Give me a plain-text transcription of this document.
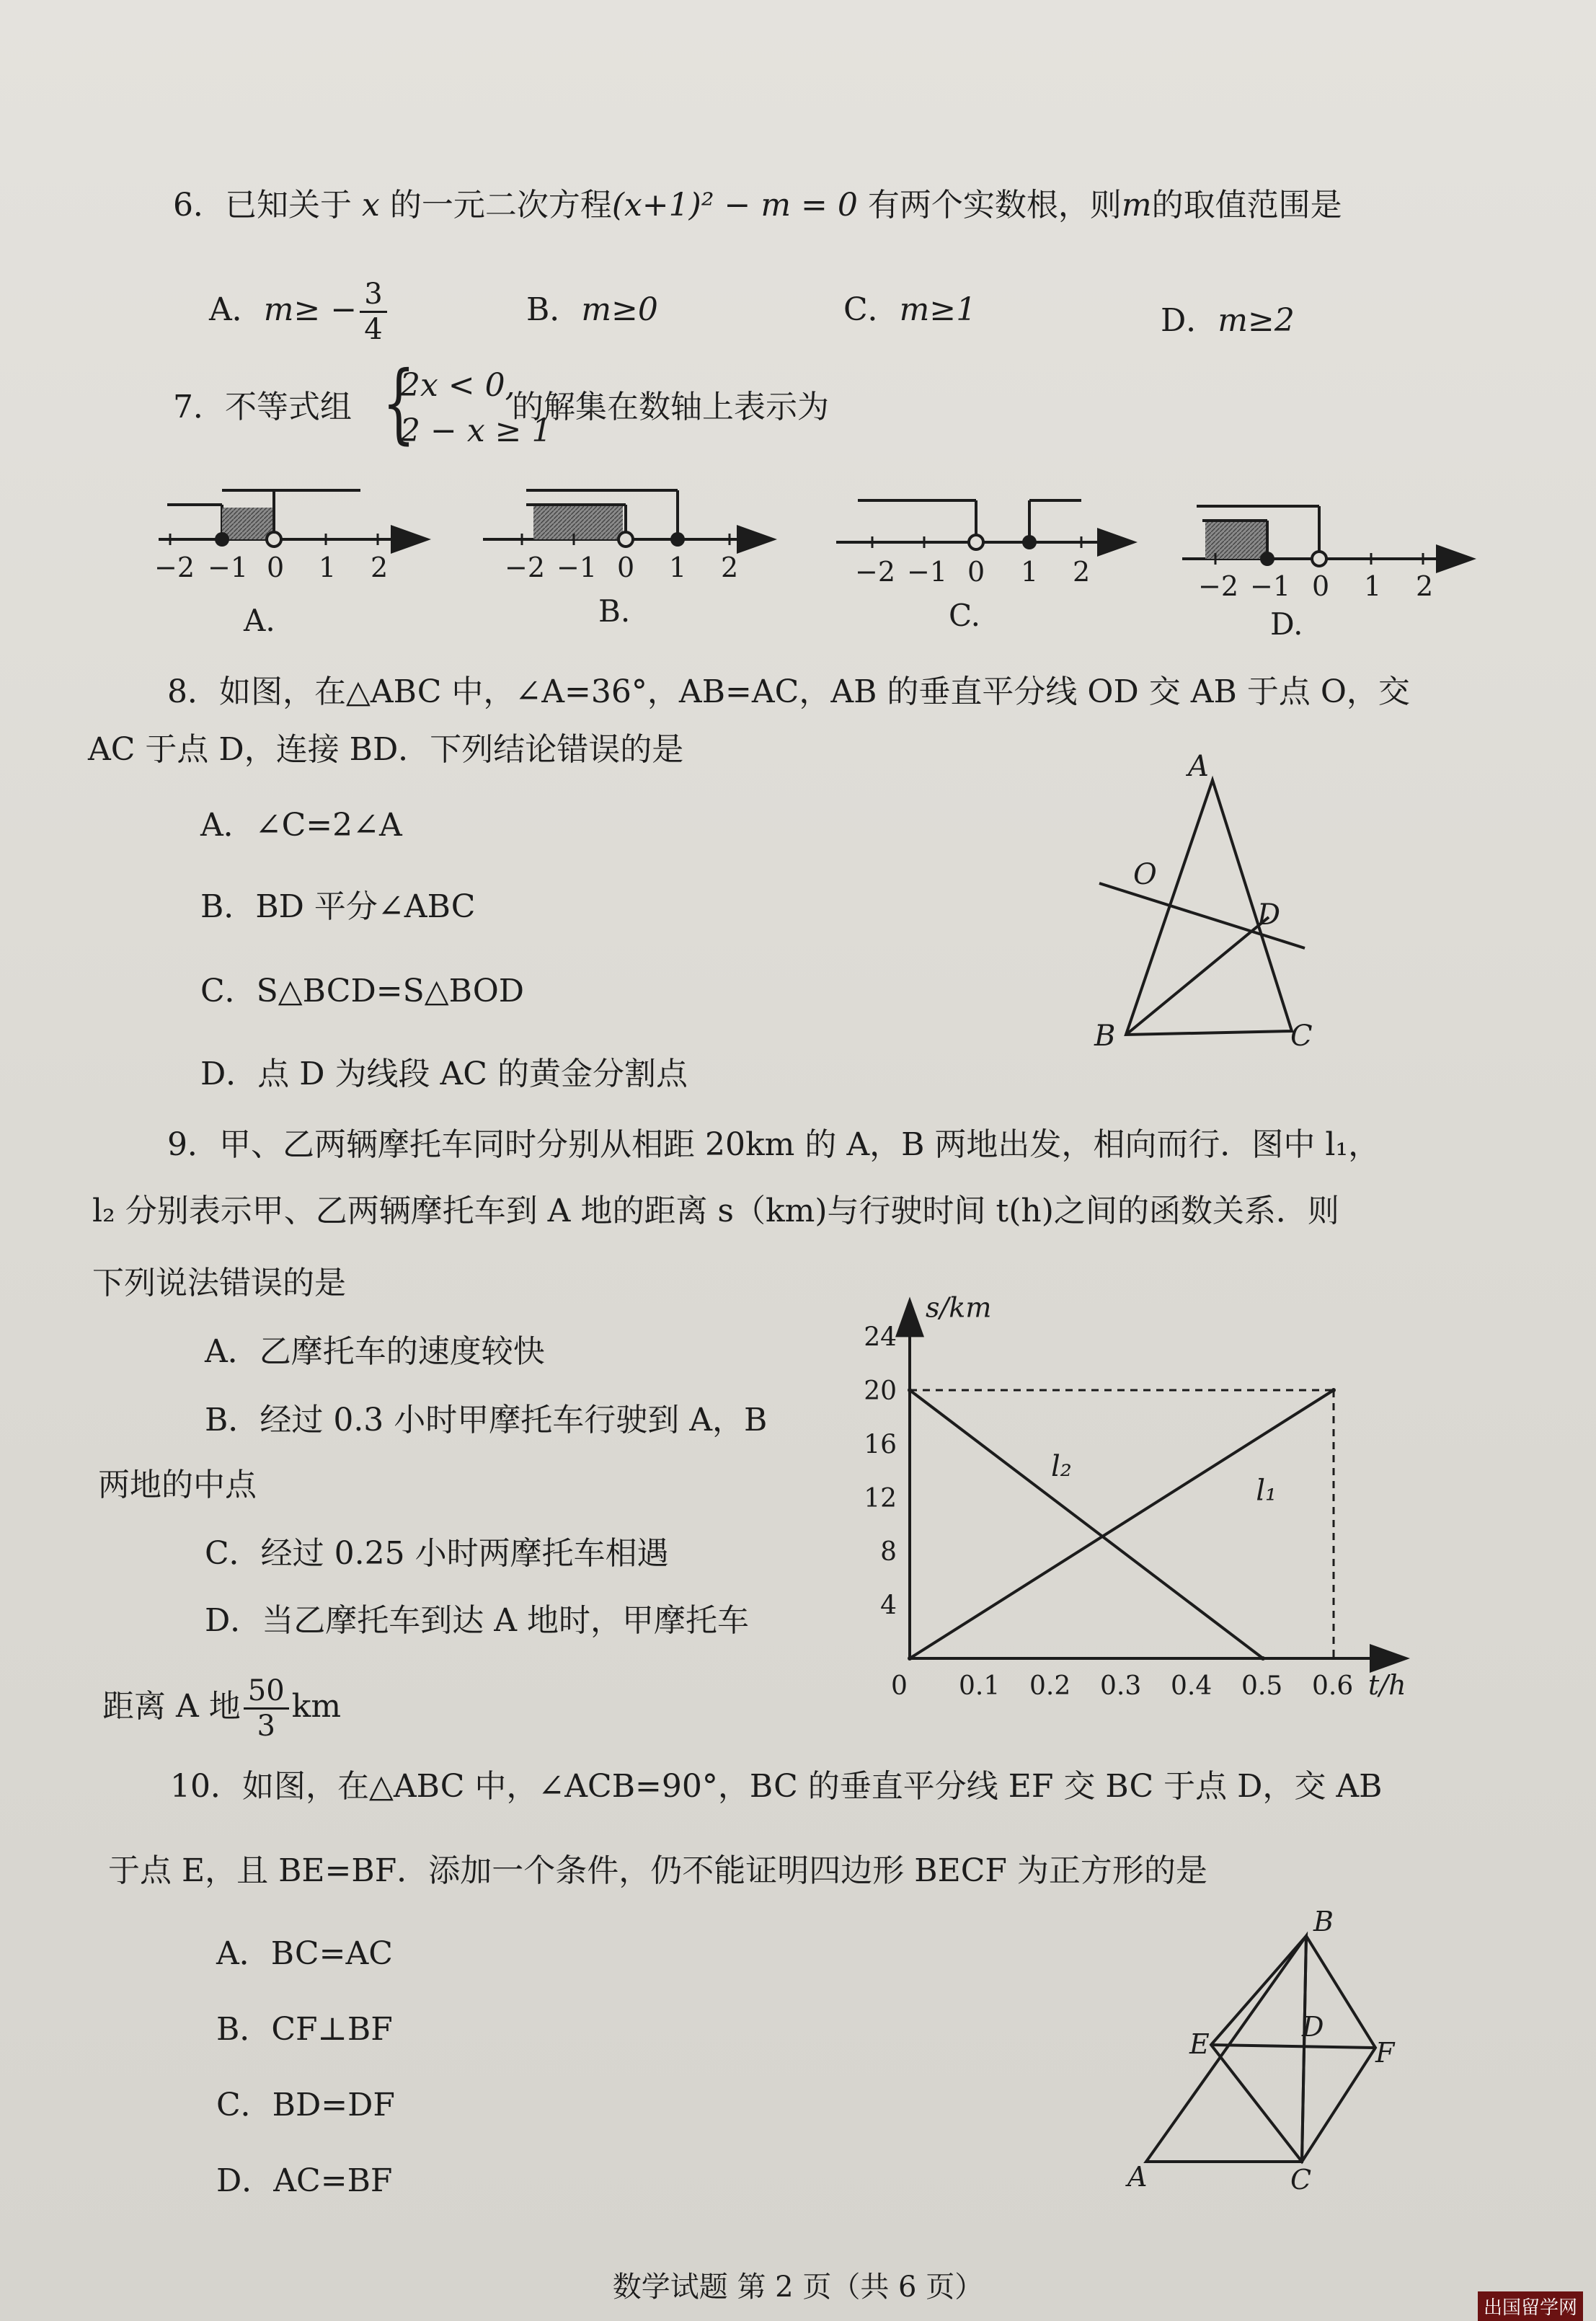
6．已知关于 x 的一元二次方程(x+1)² − m = 0 有两个实数根，则m的取值范围是
A．$m\ge - \frac{3}{4}$	B．m≥0	C．m≥1	D．m≥2
7．不等式组 {
2x < 0,
2 − x ≥ 1
的解集在数轴上表示为
−2 −1 0 1 2
A.
−2 −1 0 1 2
B.
−2 −1 0 1 2
C.
−2 −1 0 1 2
D.
A
O
D
B	C
s/km
t/h
0 0.1 0.2 0.3 0.4 0.5 0.6
4
8
12
16
20
24
l₁
l₂
B
E
D
F
A	C
8．如图，在△ABC 中，∠A=36°，AB=AC，AB 的垂直平分线 OD 交 AB 于点 O，交
AC 于点 D，连接 BD．下列结论错误的是
A．∠C=2∠A
B．BD 平分∠ABC
C．S△BCD=S△BOD
D．点 D 为线段 AC 的黄金分割点
9．甲、乙两辆摩托车同时分别从相距 20km 的 A，B 两地出发，相向而行．图中 l₁，
l₂ 分别表示甲、乙两辆摩托车到 A 地的距离 s（km)与行驶时间 t(h)之间的函数关系．则
下列说法错误的是
A．乙摩托车的速度较快
B．经过 0.3 小时甲摩托车行驶到 A，B
两地的中点
C．经过 0.25 小时两摩托车相遇
D．当乙摩托车到达 A 地时，甲摩托车
距离 A 地 $\frac{50}{3}$ km
10．如图，在△ABC 中，∠ACB=90°，BC 的垂直平分线 EF 交 BC 于点 D，交 AB
于点 E，且 BE=BF．添加一个条件，仍不能证明四边形 BECF 为正方形的是
A．BC=AC
B．CF⊥BF
C．BD=DF
D．AC=BF
数学试题 第 2 页（共 6 页）
出国留学网
